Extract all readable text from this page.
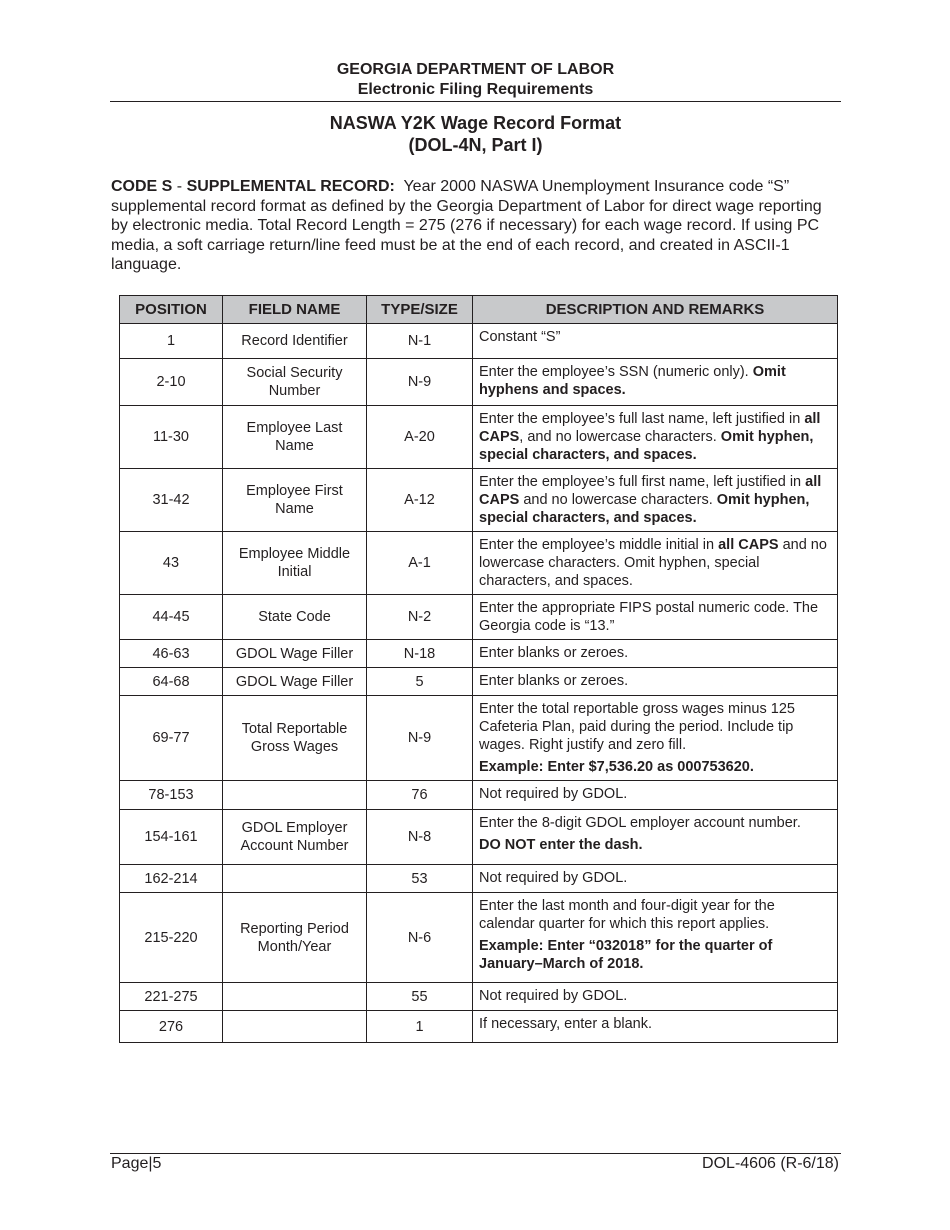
GEORGIA DEPARTMENT OF LABOR
Electronic Filing Requirements
NASWA Y2K Wage Record Format
(DOL-4N, Part I)
CODE S - SUPPLEMENTAL RECORD:  Year 2000 NASWA Unemployment Insurance code “S” supplemental record format as defined by the Georgia Department of Labor for direct wage reporting by electronic media. Total Record Length = 275 (276 if necessary) for each wage record. If using PC media, a soft carriage return/line feed must be at the end of each record, and created in ASCII-1 language.
POSITION	FIELD NAME	TYPE/SIZE	DESCRIPTION AND REMARKS
1	Record Identifier	N-1	Constant “S”
2-10	Social Security Number	N-9	Enter the employee’s SSN (numeric only). Omit hyphens and spaces.
11-30	Employee Last Name	A-20	Enter the employee’s full last name, left justified in all CAPS, and no lowercase characters. Omit hyphen, special characters, and spaces.
31-42	Employee First Name	A-12	Enter the employee’s full first name, left justified in all CAPS and no lowercase characters. Omit hyphen, special characters, and spaces.
43	Employee Middle Initial	A-1	Enter the employee’s middle initial in all CAPS and no lowercase characters. Omit hyphen, special characters, and spaces.
44-45	State Code	N-2	Enter the appropriate FIPS postal numeric code. The Georgia code is “13.”
46-63	GDOL Wage Filler	N-18	Enter blanks or zeroes.
64-68	GDOL Wage Filler	5	Enter blanks or zeroes.
69-77	Total Reportable Gross Wages	N-9	Enter the total reportable gross wages minus 125 Cafeteria Plan, paid during the period. Include tip wages. Right justify and zero fill.
Example: Enter $7,536.20 as 000753620.

78-153		76	Not required by GDOL.
154-161	GDOL Employer Account Number	N-8	Enter the 8-digit GDOL employer account number.
DO NOT enter the dash.

162-214		53	Not required by GDOL.
215-220	Reporting Period Month/Year	N-6	Enter the last month and four-digit year for the calendar quarter for which this report applies.
Example: Enter “032018” for the quarter of January–March of 2018.

221-275		55	Not required by GDOL.
276		1	If necessary, enter a blank.
Page|5	DOL-4606 (R-6/18)
